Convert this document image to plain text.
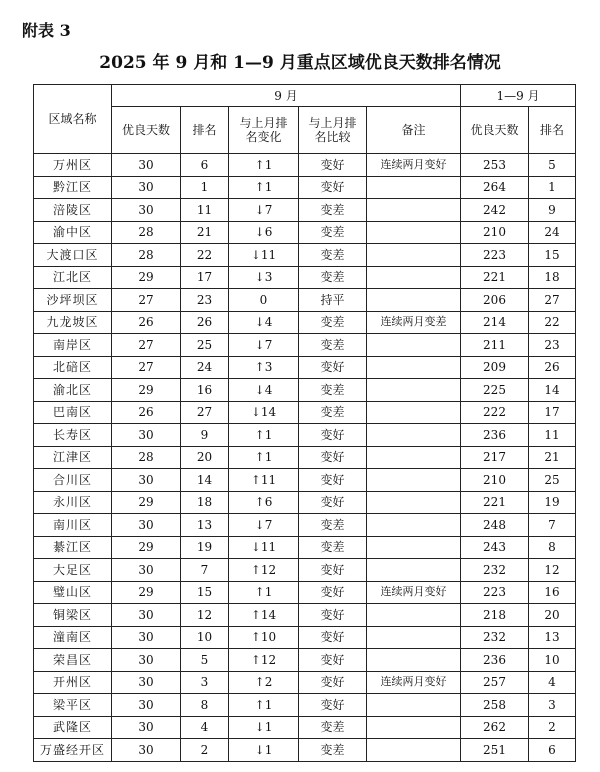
附表 3
2025 年 9 月和 1—9 月重点区域优良天数排名情况
区域名称	9 月					1—9 月	
	优良天数	排名	与上月排名变化	与上月排名比较	备注	优良天数	排名
万州区	30	6	↑1	变好	连续两月变好	253	5
黔江区	30	1	↑1	变好		264	1
涪陵区	30	11	↓7	变差		242	9
渝中区	28	21	↓6	变差		210	24
大渡口区	28	22	↓11	变差		223	15
江北区	29	17	↓3	变差		221	18
沙坪坝区	27	23	0	持平		206	27
九龙坡区	26	26	↓4	变差	连续两月变差	214	22
南岸区	27	25	↓7	变差		211	23
北碚区	27	24	↑3	变好		209	26
渝北区	29	16	↓4	变差		225	14
巴南区	26	27	↓14	变差		222	17
长寿区	30	9	↑1	变好		236	11
江津区	28	20	↑1	变好		217	21
合川区	30	14	↑11	变好		210	25
永川区	29	18	↑6	变好		221	19
南川区	30	13	↓7	变差		248	7
綦江区	29	19	↓11	变差		243	8
大足区	30	7	↑12	变好		232	12
璧山区	29	15	↑1	变好	连续两月变好	223	16
铜梁区	30	12	↑14	变好		218	20
潼南区	30	10	↑10	变好		232	13
荣昌区	30	5	↑12	变好		236	10
开州区	30	3	↑2	变好	连续两月变好	257	4
梁平区	30	8	↑1	变好		258	3
武隆区	30	4	↓1	变差		262	2
万盛经开区	30	2	↓1	变差		251	6
